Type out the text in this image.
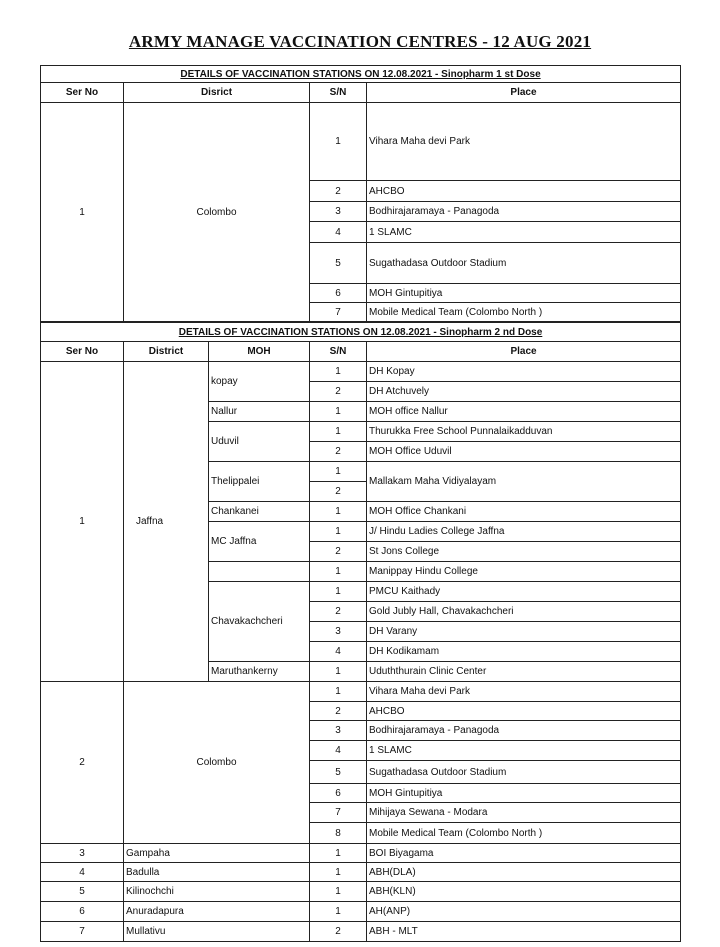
ARMY MANAGE VACCINATION CENTRES - 12 AUG 2021
DETAILS OF VACCINATION STATIONS ON 12.08.2021 - Sinopharm 1 st Dose			
Ser No	Disrict	S/N	Place
1	Colombo	1	Vihara Maha devi Park
		2	AHCBO
		3	Bodhirajaramaya - Panagoda
		4	1 SLAMC
		5	Sugathadasa Outdoor Stadium
		6	MOH Gintupitiya
		7	Mobile Medical Team (Colombo North )
DETAILS OF VACCINATION STATIONS ON 12.08.2021 - Sinopharm 2 nd Dose				
Ser No	District	MOH	S/N	Place
1	Jaffna	kopay	1	DH Kopay
			2	DH Atchuvely
		Nallur	1	MOH office Nallur
		Uduvil	1	Thurukka Free School Punnalaikadduvan
			2	MOH Office Uduvil
		Thelippalei	1	Mallakam Maha Vidiyalayam
			2	
		Chankanei	1	MOH Office Chankani
		MC Jaffna	1	J/ Hindu Ladies College Jaffna
			2	St Jons College
			1	Manippay Hindu College
		Chavakachcheri	1	PMCU Kaithady
			2	Gold Jubly Hall, Chavakachcheri
			3	DH Varany
			4	DH Kodikamam
		Maruthankerny	1	Uduththurain Clinic Center
2	Colombo		1	Vihara Maha devi Park
			2	AHCBO
			3	Bodhirajaramaya - Panagoda
			4	1 SLAMC
			5	Sugathadasa Outdoor Stadium
			6	MOH Gintupitiya
			7	Mihijaya Sewana - Modara
			8	Mobile Medical Team (Colombo North )
3	Gampaha		1	BOI Biyagama
4	Badulla		1	ABH(DLA)
5	Kilinochchi		1	ABH(KLN)
6	Anuradapura		1	AH(ANP)
7	Mullativu		2	ABH - MLT
